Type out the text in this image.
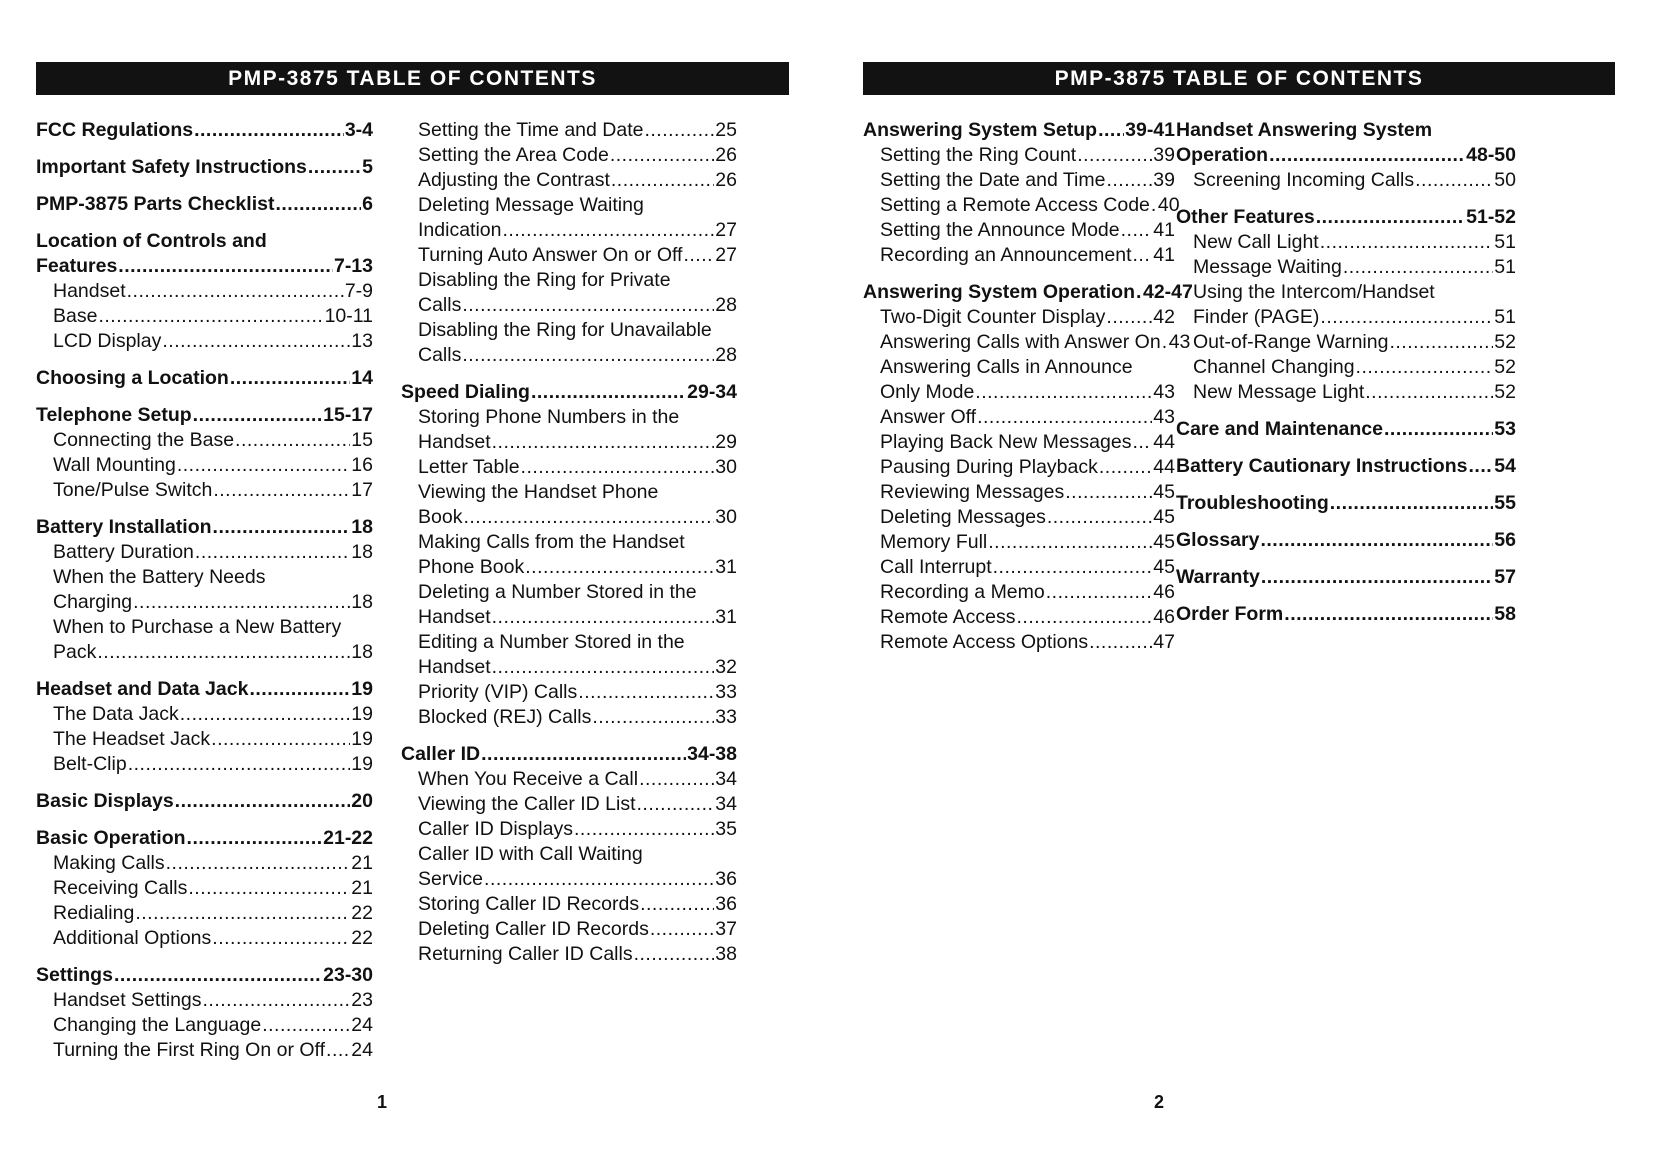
PMP-3875 TABLE OF CONTENTS
FCC Regulations .....	3-4
Important Safety Instructions .....	5
PMP-3875 Parts Checklist .....	6
Location of Controls and
Features .....	7-13
Handset .....	7-9
Base .....	10-11
LCD Display .....	13
Choosing a Location .....	14
Telephone Setup .....	15-17
Connecting the Base .....	15
Wall Mounting .....	16
Tone/Pulse Switch .....	17
Battery Installation .....	18
Battery Duration .....	18
When the Battery Needs
Charging .....	18
When to Purchase a New Battery
Pack .....	18
Headset and Data Jack .....	19
The Data Jack .....	19
The Headset Jack .....	19
Belt-Clip .....	19
Basic Displays .....	20
Basic Operation .....	21-22
Making Calls .....	21
Receiving Calls .....	21
Redialing .....	22
Additional Options .....	22
Settings .....	23-30
Handset Settings .....	23
Changing the Language .....	24
Turning the First Ring On or Off ..... 24
Setting the Time and Date .....	25
Setting the Area Code .....	26
Adjusting the Contrast .....	26
Deleting Message Waiting
Indication .....	27
Turning Auto Answer On or Off ..... 27
Disabling the Ring for Private
Calls .....	28
Disabling the Ring for Unavailable
Calls .....	28
Speed Dialing .....	29-34
Storing Phone Numbers in the
Handset .....	29
Letter Table .....	30
Viewing the Handset Phone
Book .....	30
Making Calls from the Handset
Phone Book .....	31
Deleting a Number Stored in the
Handset .....	31
Editing a Number Stored in the
Handset .....	32
Priority (VIP) Calls .....	33
Blocked (REJ) Calls .....	33
Caller ID .....	34-38
When You Receive a Call .....	34
Viewing the Caller ID List .....	34
Caller ID Displays .....	35
Caller ID with Call Waiting
Service .....	36
Storing Caller ID Records .....	36
Deleting Caller ID Records .....	37
Returning Caller ID Calls .....	38
1
PMP-3875 TABLE OF CONTENTS
Answering System Setup ..... 39-41
Setting the Ring Count .....	39
Setting the Date and Time ..... 39
Setting a Remote Access Code ..... 40
Setting the Announce Mode ..... 41
Recording an Announcement ..... 41
Answering System Operation ..... 42-47
Two-Digit Counter Display ..... 42
Answering Calls with Answer On ..... 43
Answering Calls in Announce
Only Mode .....	43
Answer Off .....	43
Playing Back New Messages ..... 44
Pausing During Playback .....	44
Reviewing Messages .....	45
Deleting Messages .....	45
Memory Full .....	45
Call Interrupt .....	45
Recording a Memo .....	46
Remote Access .....	46
Remote Access Options .....	47
Handset Answering System
Operation .....	48-50
Screening Incoming Calls .....	50
Other Features .....	51-52
New Call Light .....	51
Message Waiting .....	51
Using the Intercom/Handset
Finder (PAGE) .....	51
Out-of-Range Warning .....	52
Channel Changing .....	52
New Message Light .....	52
Care and Maintenance .....	53
Battery Cautionary Instructions ..... 54
Troubleshooting .....	55
Glossary .....	56
Warranty .....	57
Order Form .....	58
2
